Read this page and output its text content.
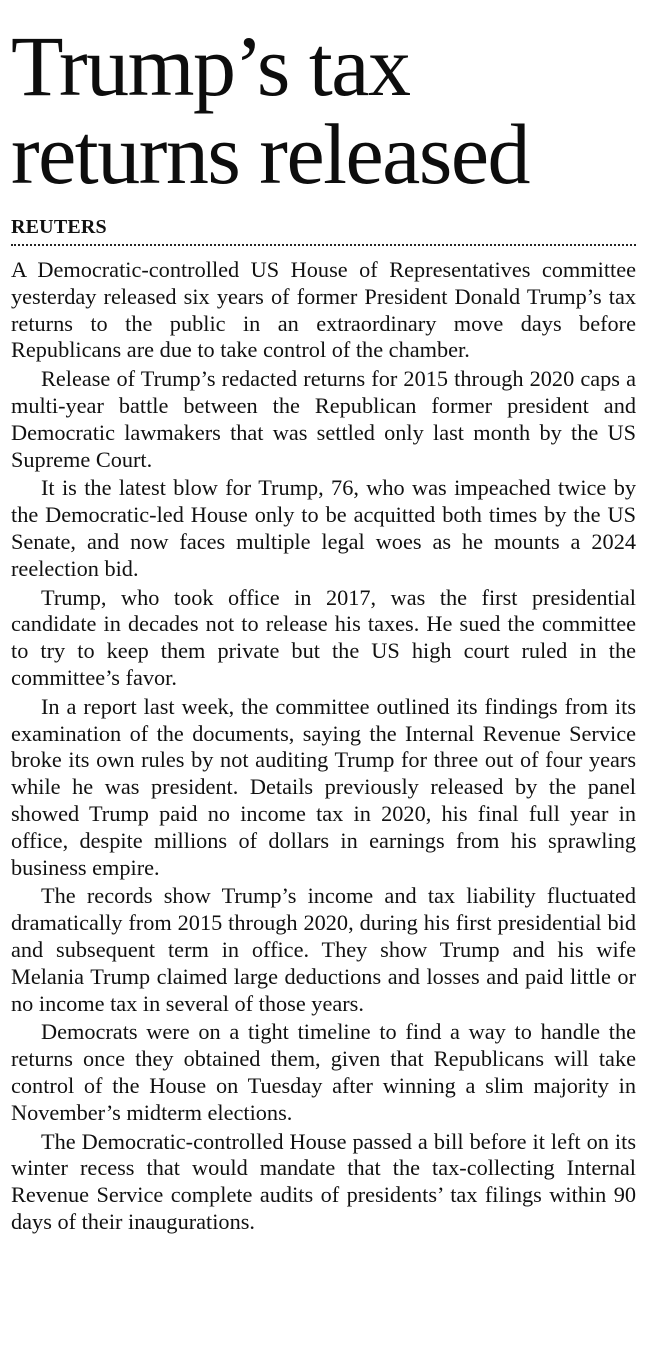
Trump’s tax returns released
REUTERS

A Democratic-controlled US House of Representatives committee yesterday released six years of former President Donald Trump’s tax returns to the public in an extraordinary move days before Republicans are due to take control of the chamber.

Release of Trump’s redacted returns for 2015 through 2020 caps a multi-year battle between the Republican former president and Democratic lawmakers that was settled only last month by the US Supreme Court.

It is the latest blow for Trump, 76, who was impeached twice by the Democratic-led House only to be acquitted both times by the US Senate, and now faces multiple legal woes as he mounts a 2024 reelection bid.

Trump, who took office in 2017, was the first presidential candidate in decades not to release his taxes. He sued the committee to try to keep them private but the US high court ruled in the committee’s favor.

In a report last week, the committee outlined its findings from its examination of the documents, saying the Internal Revenue Service broke its own rules by not auditing Trump for three out of four years while he was president. Details previously released by the panel showed Trump paid no income tax in 2020, his final full year in office, despite millions of dollars in earnings from his sprawling business empire.

The records show Trump’s income and tax liability fluctuated dramatically from 2015 through 2020, during his first presidential bid and subsequent term in office. They show Trump and his wife Melania Trump claimed large deductions and losses and paid little or no income tax in several of those years.

Democrats were on a tight timeline to find a way to handle the returns once they obtained them, given that Republicans will take control of the House on Tuesday after winning a slim majority in November’s midterm elections.

The Democratic-controlled House passed a bill before it left on its winter recess that would mandate that the tax-collecting Internal Revenue Service complete audits of presidents’ tax filings within 90 days of their inaugurations.
